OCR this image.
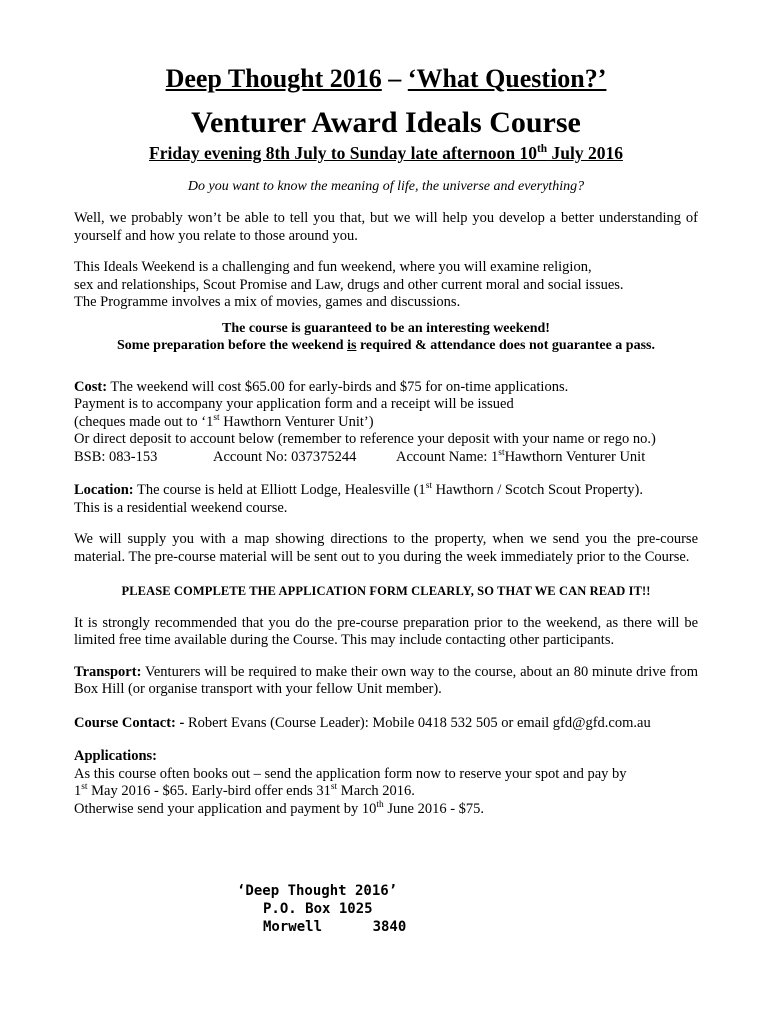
Deep Thought 2016 – ‘What Question?’
Venturer Award Ideals Course
Friday evening 8th July to Sunday late afternoon 10th July 2016

Do you want to know the meaning of life, the universe and everything?

Well, we probably won’t be able to tell you that, but we will help you develop a better understanding of yourself and how you relate to those around you.

This Ideals Weekend is a challenging and fun weekend, where you will examine religion,

sex and relationships, Scout Promise and Law, drugs and other current moral and social issues.

The Programme involves a mix of movies, games and discussions.

The course is guaranteed to be an interesting weekend!

Some preparation before the weekend is required & attendance does not guarantee a pass.

Cost: The weekend will cost $65.00 for early-birds and $75 for on-time applications.

Payment is to accompany your application form and a receipt will be issued

(cheques made out to ‘1st Hawthorn Venturer Unit’)

Or direct deposit to account below (remember to reference your deposit with your name or rego no.)

BSB: 083-153	Account No: 037375244	Account Name: 1stHawthorn Venturer Unit

Location: The course is held at Elliott Lodge, Healesville (1st Hawthorn / Scotch Scout Property).

This is a residential weekend course.

We will supply you with a map showing directions to the property, when we send you the pre-course material. The pre-course material will be sent out to you during the week immediately prior to the Course.

PLEASE COMPLETE THE APPLICATION FORM CLEARLY, SO THAT WE CAN READ IT!!

It is strongly recommended that you do the pre-course preparation prior to the weekend, as there will be limited free time available during the Course. This may include contacting other participants.

Transport: Venturers will be required to make their own way to the course, about an 80 minute drive from Box Hill (or organise transport with your fellow Unit member).

Course Contact: - Robert Evans (Course Leader): Mobile 0418 532 505 or email gfd@gfd.com.au

Applications:

As this course often books out – send the application form now to reserve your spot and pay by

1st May 2016 - $65. Early-bird offer ends 31st March 2016.

Otherwise send your application and payment by 10th June 2016 - $75.

‘Deep Thought 2016’
P.O. Box 1025
Morwell      3840
